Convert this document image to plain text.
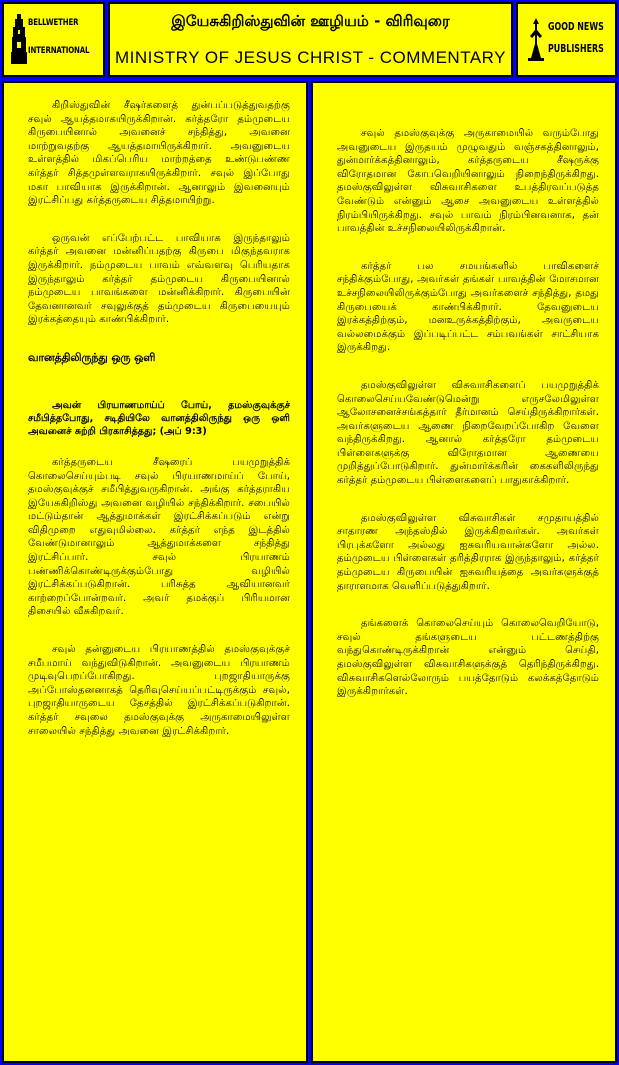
BELLWETHER
INTERNATIONAL
இயேசுகிறிஸ்துவின் ஊழியம் - விரிவுரை
MINISTRY OF JESUS CHRIST - COMMENTARY
GOOD NEWS
PUBLISHERS

கிறிஸ்துவின் சீஷர்களைத் துன்பப்படுத்துவதற்கு சவுல் ஆயத்தமாகயிருக்கிறான். கர்த்தரோ தம்முடைய கிருபையினால் அவனைச் சந்தித்து, அவனை மாற்றுவதற்கு ஆயத்தமாயிருக்கிறார். அவனுடைய உள்ளத்தில் மிகப்பெரிய மாற்றத்தை உண்டுபண்ண கர்த்தர் சித்தமுள்ளவராகயிருக்கிறார். சவுல் இப்போது மகா பாவியாக இருக்கிறான். ஆனாலும் இவனையும் இரட்சிப்பது கர்த்தருடைய சித்தமாயிற்று.

ஒருவன் எப்பேற்பட்ட பாவியாக இருந்தாலும் கர்த்தர் அவனை மன்னிப்பதற்கு கிருபை மிகுந்தவராக இருக்கிறார். நம்முடைய பாவம் எவ்வளவு பெரியதாக இருந்தாலும் கர்த்தர் தம்முடைய கிருபையினால் நம்முடைய பாவங்களை மன்னிக்கிறார். கிருபையின் தேவனானவர் சவுலுக்குத் தம்முடைய கிருபையையும் இரக்கத்தையும் காண்பிக்கிறார்.

வானத்திலிருந்து ஒரு ஒளி

அவன் பிரயாணமாய்ப் போய், தமஸ்குவுக்குச் சமீபித்தபோது, சடிதியிலே வானத்திலிருந்து ஒரு ஒளி அவனைச் சுற்றி பிரகாசித்தது; (அப் 9:3)

கர்த்தருடைய சீஷரைப் பயமுறுத்திக் கொலைசெய்யும்படி சவுல் பிரயாணமாய்ப் போய், தமஸ்குவுக்குச் சமீபித்துவருகிறான். அங்கு கர்த்தராகிய இயேசுகிறிஸ்து அவனை வழியில் சந்திக்கிறார். சபையில் மட்டும்தான் ஆத்துமாக்கள் இரட்சிக்கப்படும் என்று விதிமுறை எதுவுமில்லை. கர்த்தர் எந்த இடத்தில் வேண்டுமானாலும் ஆத்துமாக்களை சந்தித்து இரட்சிப்பார். சவுல் பிரயாணம் பண்ணிக்கொண்டிருக்கும்போது வழியில் இரட்சிக்கப்படுகிறான். பரிசுத்த ஆவியானவர் காற்றைப்போன்றவர். அவர் தமக்குப் பிரியமான திசையில் வீசுகிறவர்.

சவுல் தன்னுடைய பிரயாணத்தில் தமஸ்குவுக்குச் சமீபமாய் வந்துவிடுகிறான். அவனுடைய பிரயாணம் முடிவுபெறப்போகிறது. புறஜாதியாருக்கு அப்போஸ்தனனாகத் தெரிவுசெய்யப்பட்டிருக்கும் சவுல், புறஜாதியாருடைய தேசத்தில் இரட்சிக்கப்படுகிறான். கர்த்தர் சவுலை தமஸ்குவுக்கு அருகாமையிலுள்ள சாலையில் சந்தித்து அவனை இரட்சிக்கிறார்.

சவுல் தமஸ்குவுக்கு அருகாமையில் வரும்போது அவனுடைய இருதயம் முழுவதும் வஞ்சகத்தினாலும், துன்மார்க்கத்தினாலும், கர்த்தருடைய சீஷருக்கு விரோதமான கோபவெறியினாலும் நிறைந்திருக்கிறது. தமஸ்குவிலுள்ள விசுவாசிகளை உபத்திரவப்படுத்த வேண்டும் என்னும் ஆசை அவனுடைய உள்ளத்தில் நிரம்பியிருக்கிறது. சவுல் பாவம் நிரம்பினவனாக, தன் பாவத்தின் உச்சநிலையிலிருக்கிறான்.

கர்த்தர் பல சமயங்களில் பாவிகளைச் சந்திக்கும்போது, அவர்கள் தங்கள் பாவத்தின் மோசமான உச்சநிலையிலிருக்கும்போது அவர்களைச் சந்தித்து, தமது கிருபையைக் காண்பிக்கிறார். தேவனுடைய இரக்கத்திற்கும், மனஉருக்கத்திற்கும், அவருடைய வல்லமைக்கும் இப்படிப்பட்ட சம்பவங்கள் சாட்சியாக இருக்கிறது.

தமஸ்குவிலுள்ள விசுவாசிகளைப் பயமுறுத்திக் கொலைசெய்யவேண்டுமென்று எருசலேமிலுள்ள ஆலோசனைச்சங்கத்தார் தீர்மானம் செய்திருக்கிறார்கள். அவர்களுடைய ஆணை நிறைவேறப்போகிற வேளை வந்திருக்கிறது. ஆனால் கர்த்தரோ தம்முடைய பிள்ளைகளுக்கு விரோதமான ஆணையை முறித்துப்போடுகிறார். துன்மார்க்கரின் கைகளிலிருந்து கர்த்தர் தம்முடைய பிள்ளைகளைப் பாதுகாக்கிறார்.

தமஸ்குவிலுள்ள விசுவாசிகள் சமுதாயத்தில் சாதாரண அந்தஸ்தில் இருக்கிறவர்கள். அவர்கள் பிரபுக்களோ அல்லது ஐசுவரியவான்களோ அல்ல. தம்முடைய பிள்ளைகள் தரித்திரராக இருந்தாலும், கர்த்தர் தம்முடைய கிருபையின் ஐசுவரியத்தை அவர்களுக்குத் தாராளமாக வெளிப்படுத்துகிறார்.

தங்களைக் கொலைசெய்யும் கொலைவெறியோடு, சவுல் தங்களுடைய பட்டணத்திற்கு வந்துகொண்டிருக்கிறான் என்னும் செய்தி, தமஸ்குவிலுள்ள விசுவாசிகளுக்குத் தெரிந்திருக்கிறது. விசுவாசிகளெல்லோரும் பயத்தோடும் கலக்கத்தோடும் இருக்கிறார்கள்.
